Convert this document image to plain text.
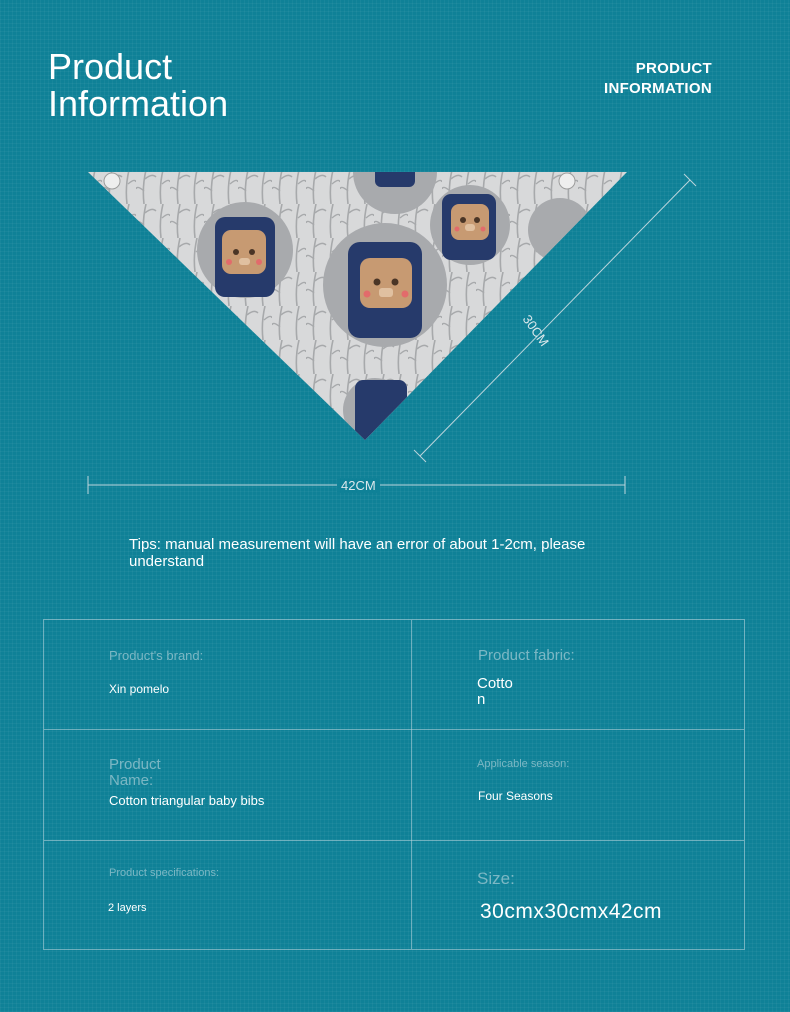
Product
Information
PRODUCT
INFORMATION
30CM
42CM
Tips: manual measurement will have an error of about 1-2cm, please understand
Product's brand:
Xin pomelo
Product fabric:
Cotton
Product Name:
Cotton triangular baby bibs
Applicable season:
Four Seasons
Product specifications:
2 layers
Size:
30cmx30cmx42cm
